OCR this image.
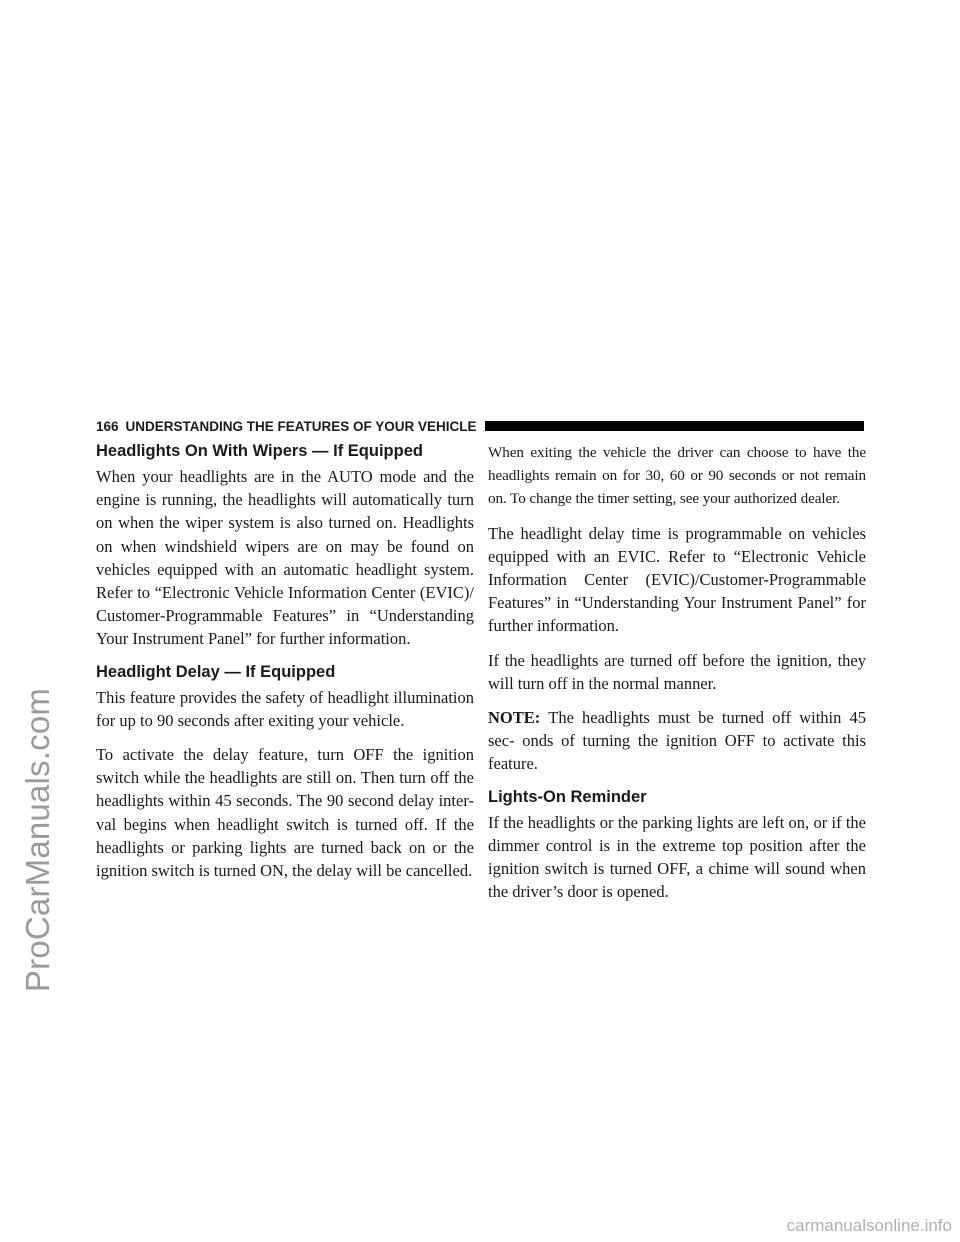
ProCarManuals.com
166 UNDERSTANDING THE FEATURES OF YOUR VEHICLE
Headlights On With Wipers — If Equipped

When your headlights are in the AUTO mode and the engine is running, the headlights will automatically turn on when the wiper system is also turned on. Headlights on when windshield wipers are on may be found on vehicles equipped with an automatic headlight system. Refer to “Electronic Vehicle Information Center (EVIC)/ Customer-Programmable Features” in “Understanding Your Instrument Panel” for further information.

Headlight Delay — If Equipped

This feature provides the safety of headlight illumination for up to 90 seconds after exiting your vehicle.

To activate the delay feature, turn OFF the ignition switch while the headlights are still on. Then turn off the headlights within 45 seconds. The 90 second delay inter- val begins when headlight switch is turned off. If the headlights or parking lights are turned back on or the ignition switch is turned ON, the delay will be cancelled.

When exiting the vehicle the driver can choose to have the headlights remain on for 30, 60 or 90 seconds or not remain on. To change the timer setting, see your authorized dealer.

The headlight delay time is programmable on vehicles equipped with an EVIC. Refer to “Electronic Vehicle Information Center (EVIC)/Customer-Programmable Features” in “Understanding Your Instrument Panel” for further information.

If the headlights are turned off before the ignition, they will turn off in the normal manner.

NOTE: The headlights must be turned off within 45 sec- onds of turning the ignition OFF to activate this feature.

Lights-On Reminder

If the headlights or the parking lights are left on, or if the dimmer control is in the extreme top position after the ignition switch is turned OFF, a chime will sound when the driver’s door is opened.

carmanualsonline.info
